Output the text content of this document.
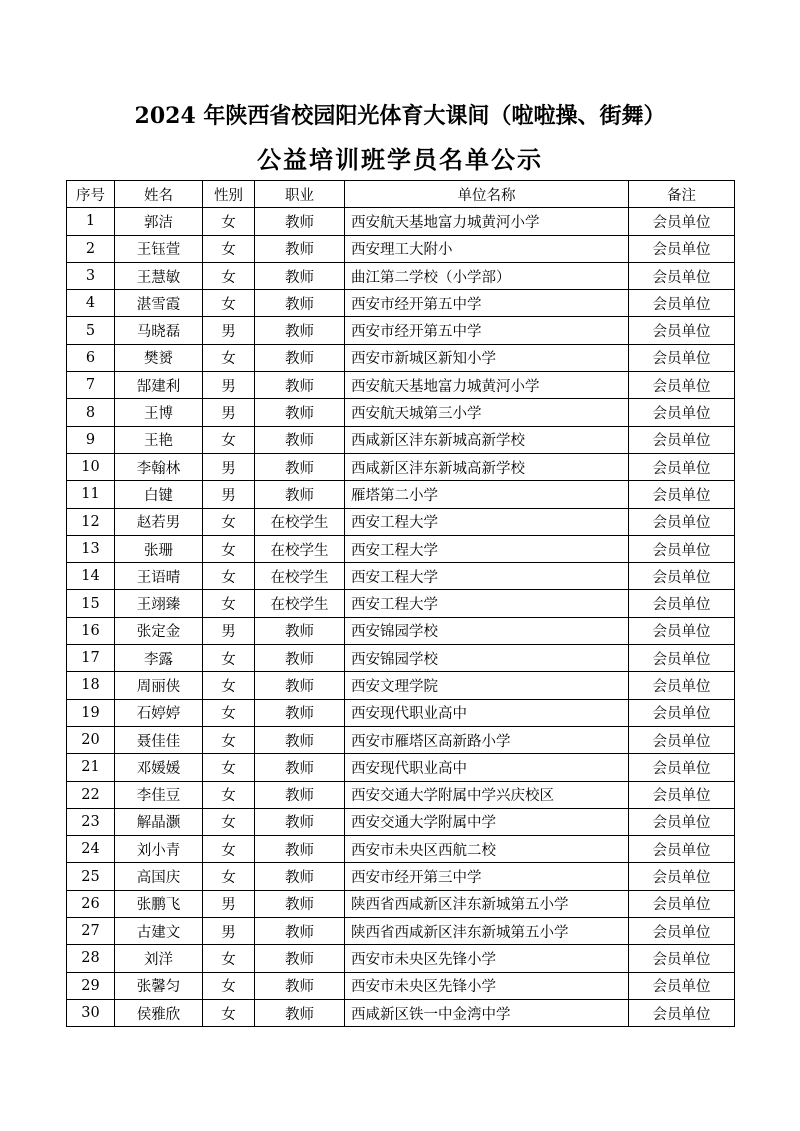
2024 年陕西省校园阳光体育大课间（啦啦操、街舞）
公益培训班学员名单公示
序号	姓名	性别	职业	单位名称	备注
1	郭洁	女	教师	西安航天基地富力城黄河小学	会员单位
2	王钰萱	女	教师	西安理工大附小	会员单位
3	王慧敏	女	教师	曲江第二学校（小学部）	会员单位
4	湛雪霞	女	教师	西安市经开第五中学	会员单位
5	马晓磊	男	教师	西安市经开第五中学	会员单位
6	樊赟	女	教师	西安市新城区新知小学	会员单位
7	郜建利	男	教师	西安航天基地富力城黄河小学	会员单位
8	王博	男	教师	西安航天城第三小学	会员单位
9	王艳	女	教师	西咸新区沣东新城高新学校	会员单位
10	李翰林	男	教师	西咸新区沣东新城高新学校	会员单位
11	白键	男	教师	雁塔第二小学	会员单位
12	赵若男	女	在校学生	西安工程大学	会员单位
13	张珊	女	在校学生	西安工程大学	会员单位
14	王语晴	女	在校学生	西安工程大学	会员单位
15	王翊臻	女	在校学生	西安工程大学	会员单位
16	张定金	男	教师	西安锦园学校	会员单位
17	李露	女	教师	西安锦园学校	会员单位
18	周丽侠	女	教师	西安文理学院	会员单位
19	石婷婷	女	教师	西安现代职业高中	会员单位
20	聂佳佳	女	教师	西安市雁塔区高新路小学	会员单位
21	邓媛媛	女	教师	西安现代职业高中	会员单位
22	李佳豆	女	教师	西安交通大学附属中学兴庆校区	会员单位
23	解晶灏	女	教师	西安交通大学附属中学	会员单位
24	刘小青	女	教师	西安市未央区西航二校	会员单位
25	高国庆	女	教师	西安市经开第三中学	会员单位
26	张鹏飞	男	教师	陕西省西咸新区沣东新城第五小学	会员单位
27	古建文	男	教师	陕西省西咸新区沣东新城第五小学	会员单位
28	刘洋	女	教师	西安市未央区先锋小学	会员单位
29	张馨匀	女	教师	西安市未央区先锋小学	会员单位
30	侯雅欣	女	教师	西咸新区铁一中金湾中学	会员单位
